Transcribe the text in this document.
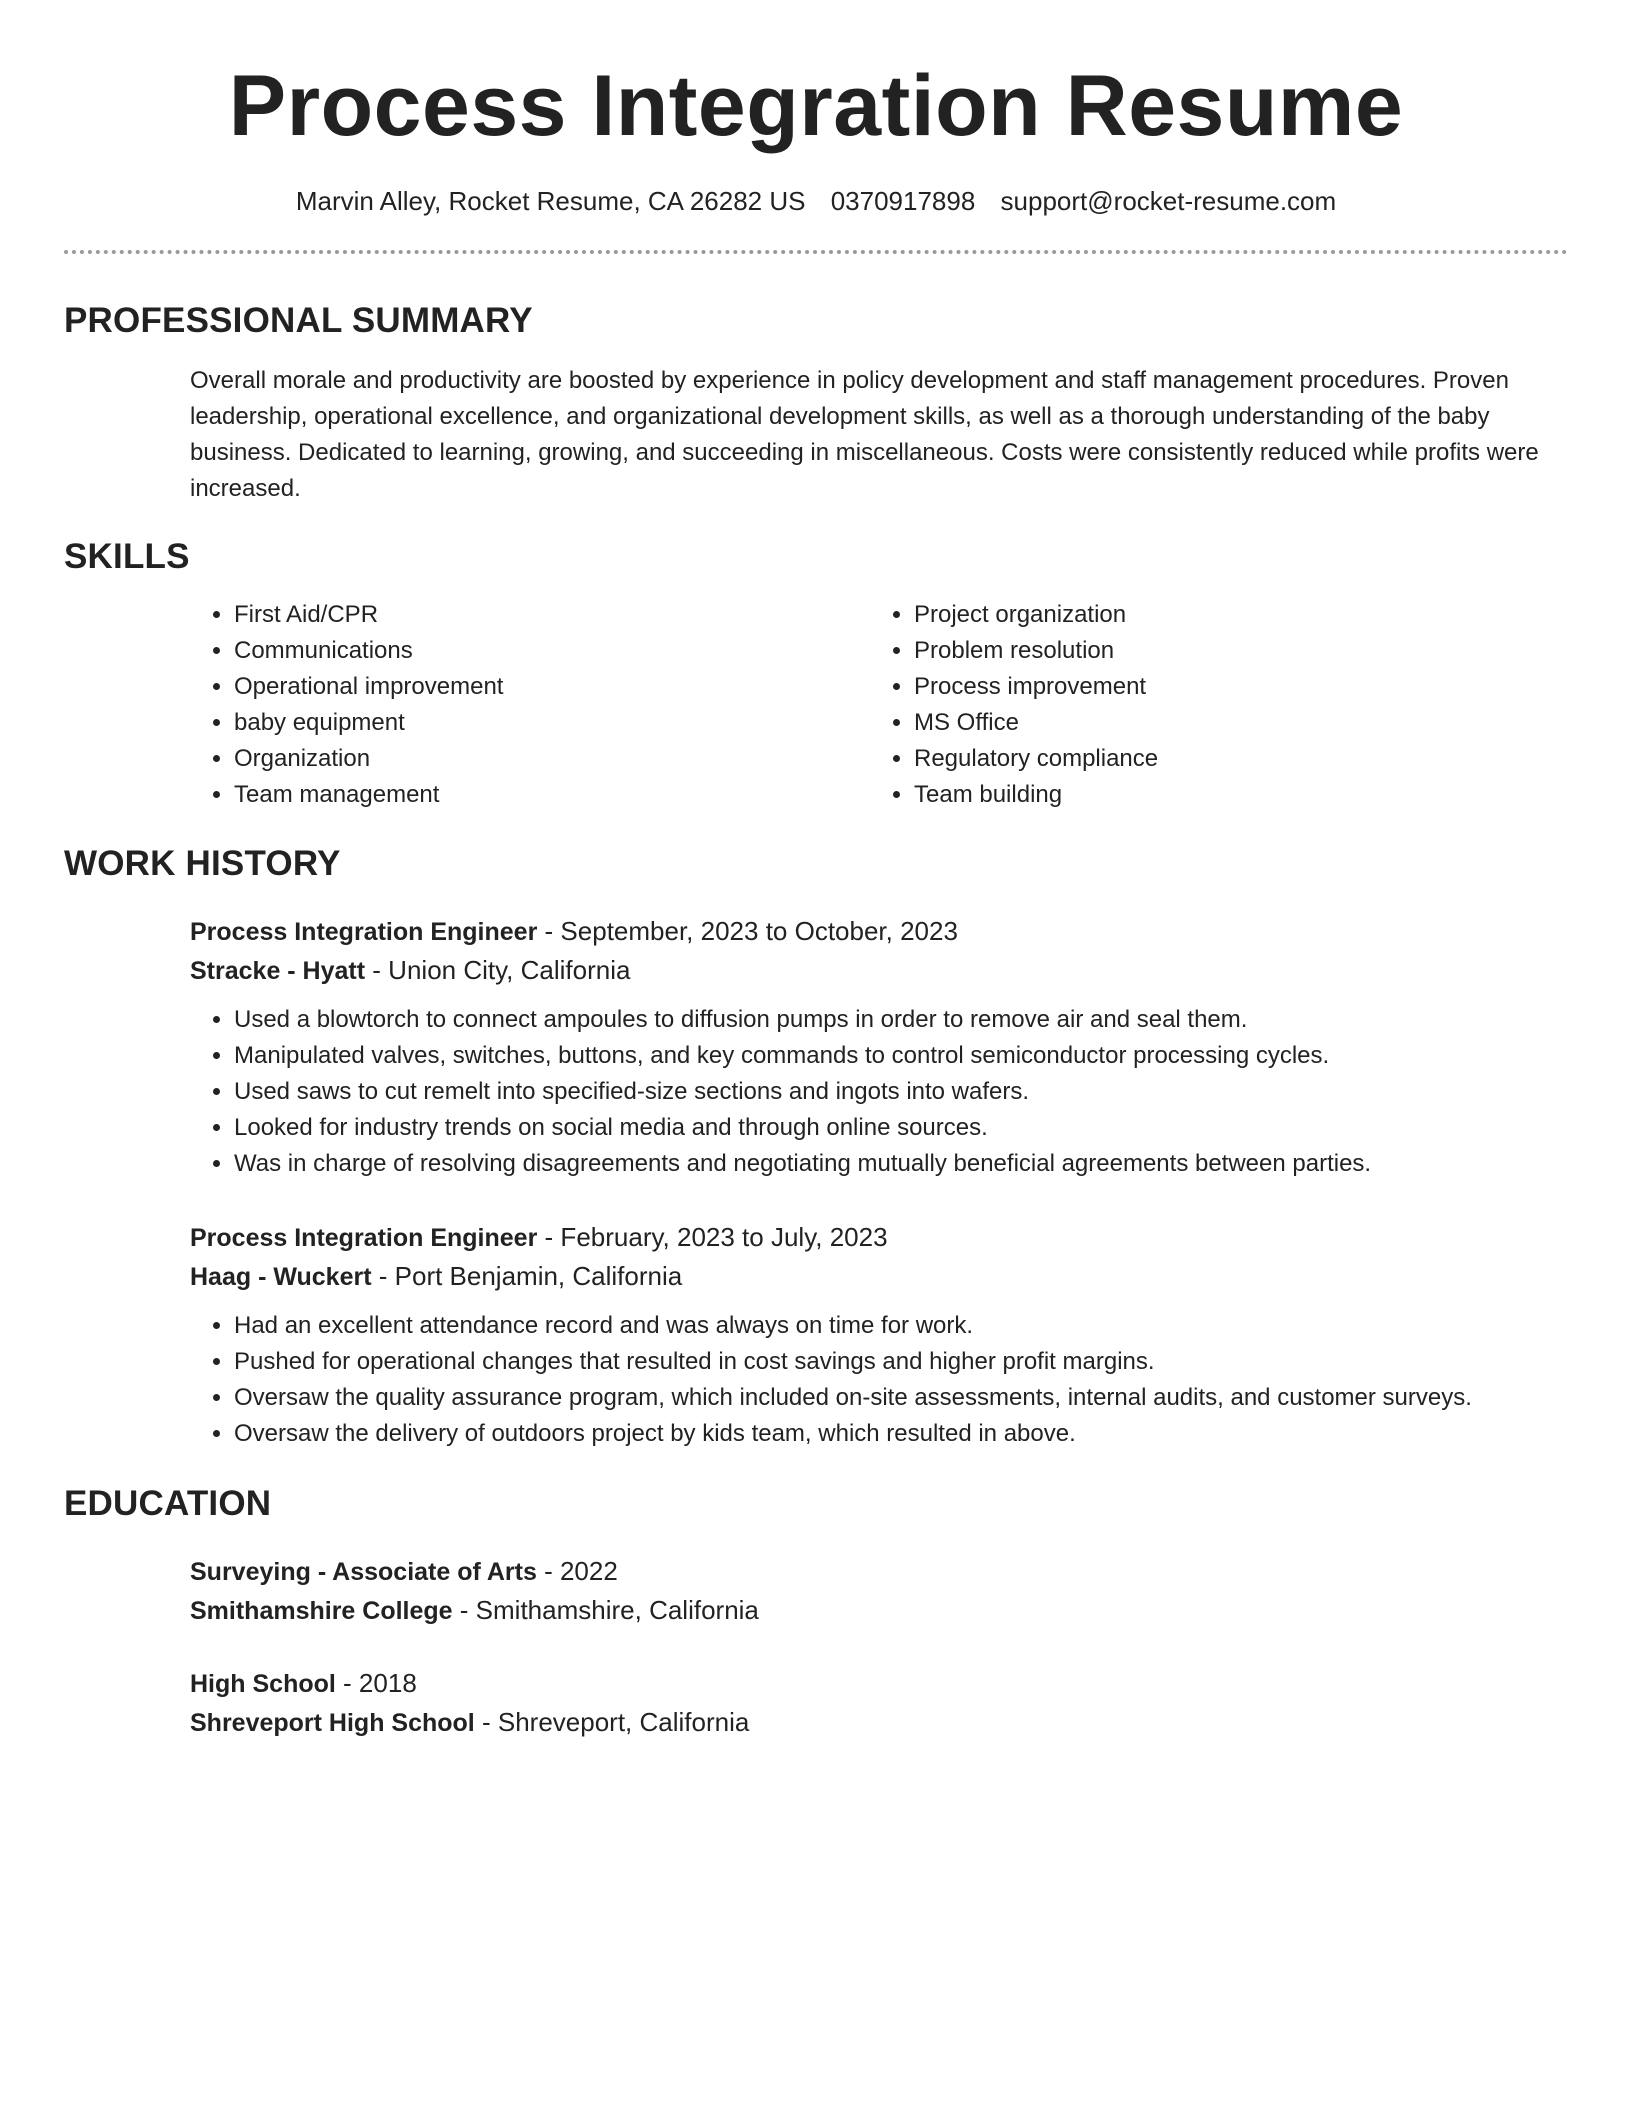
Process Integration Resume
Marvin Alley, Rocket Resume, CA 26282 US 0370917898 support@rocket-resume.com
PROFESSIONAL SUMMARY
Overall morale and productivity are boosted by experience in policy development and staff management procedures. Proven leadership, operational excellence, and organizational development skills, as well as a thorough understanding of the baby business. Dedicated to learning, growing, and succeeding in miscellaneous. Costs were consistently reduced while profits were increased.
SKILLS
• First Aid/CPR
• Communications
• Operational improvement
• baby equipment
• Organization
• Team management
• Project organization
• Problem resolution
• Process improvement
• MS Office
• Regulatory compliance
• Team building
WORK HISTORY
Process Integration Engineer - September, 2023 to October, 2023
Stracke - Hyatt - Union City, California
• Used a blowtorch to connect ampoules to diffusion pumps in order to remove air and seal them.
• Manipulated valves, switches, buttons, and key commands to control semiconductor processing cycles.
• Used saws to cut remelt into specified-size sections and ingots into wafers.
• Looked for industry trends on social media and through online sources.
• Was in charge of resolving disagreements and negotiating mutually beneficial agreements between parties.
Process Integration Engineer - February, 2023 to July, 2023
Haag - Wuckert - Port Benjamin, California
• Had an excellent attendance record and was always on time for work.
• Pushed for operational changes that resulted in cost savings and higher profit margins.
• Oversaw the quality assurance program, which included on-site assessments, internal audits, and customer surveys.
• Oversaw the delivery of outdoors project by kids team, which resulted in above.
EDUCATION
Surveying - Associate of Arts - 2022
Smithamshire College - Smithamshire, California
High School - 2018
Shreveport High School - Shreveport, California
